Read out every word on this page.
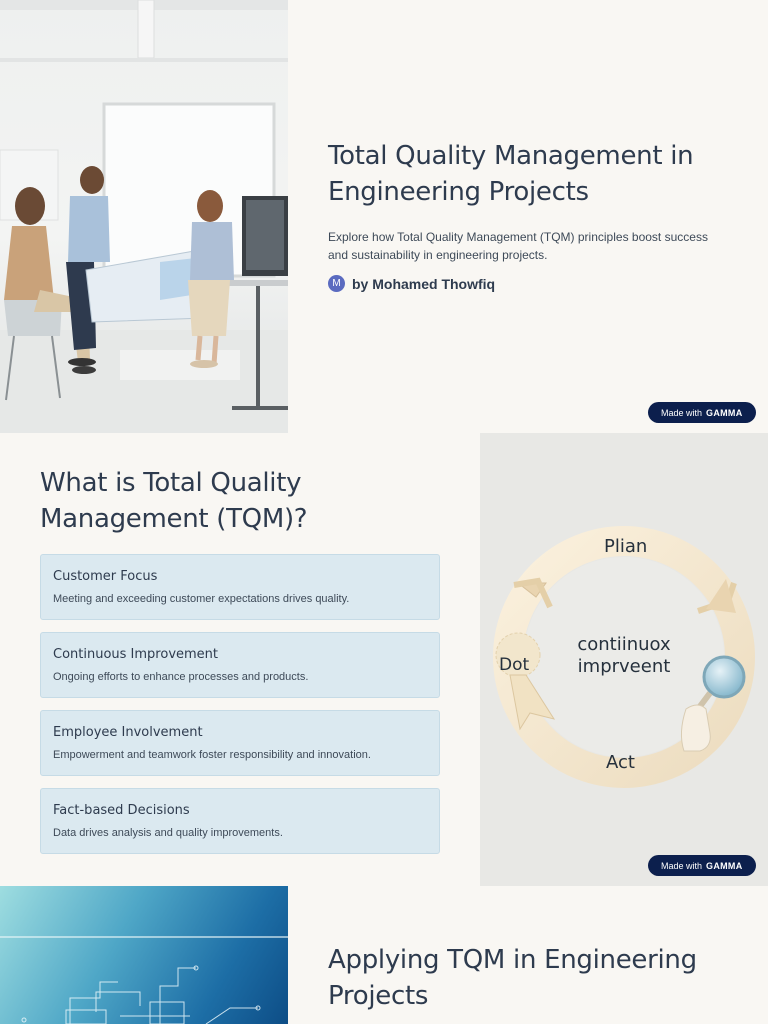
Total Quality Management in Engineering Projects

Explore how Total Quality Management (TQM) principles boost success and sustainability in engineering projects.

M by Mohamed Thowfiq
Made with GAMMA
What is Total Quality Management (TQM)?
Customer Focus
Meeting and exceeding customer expectations drives quality.
Continuous Improvement
Ongoing efforts to enhance processes and products.
Employee Involvement
Empowerment and teamwork foster responsibility and innovation.
Fact-based Decisions
Data drives analysis and quality improvements.
Plian
Dot
Act
contiinuox
imprveent
Made with GAMMA
Applying TQM in Engineering Projects
